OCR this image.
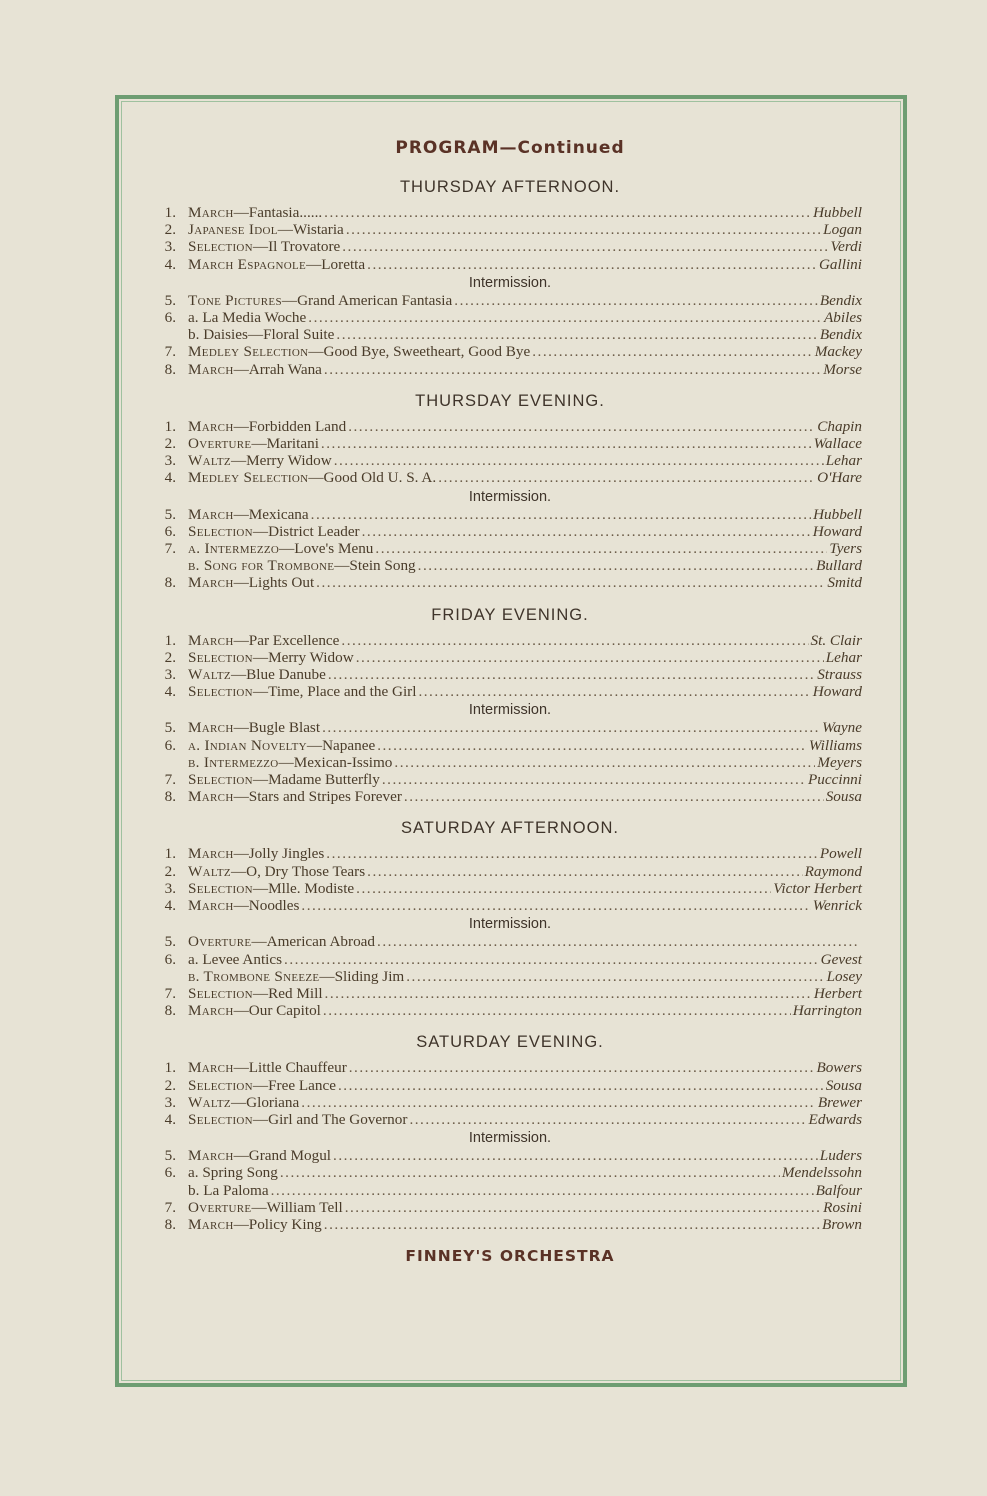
PROGRAM—Continued
THURSDAY AFTERNOON.
1. March—Fantasia...... .....	Hubbell
2. Japanese Idol—Wistaria .....	Logan
3. Selection—Il Trovatore .....	Verdi
4. March Espagnole—Loretta .....	Gallini
Intermission.
5. Tone Pictures—Grand American Fantasia .....	Bendix
6. a. La Media Woche .....	Abiles
b. Daisies—Floral Suite .....	Bendix
7. Medley Selection—Good Bye, Sweetheart, Good Bye .....	Mackey
8. March—Arrah Wana .....	Morse
THURSDAY EVENING.
1. March—Forbidden Land .....	Chapin
2. Overture—Maritani .....	Wallace
3. Waltz—Merry Widow .....	Lehar
4. Medley Selection—Good Old U. S. A. .....	O'Hare
Intermission.
5. March—Mexicana .....	Hubbell
6. Selection—District Leader .....	Howard
7. a. Intermezzo—Love's Menu .....	Tyers
b. Song for Trombone—Stein Song .....	Bullard
8. March—Lights Out .....	Smitd
FRIDAY EVENING.
1. March—Par Excellence .....	St. Clair
2. Selection—Merry Widow .....	Lehar
3. Waltz—Blue Danube .....	Strauss
4. Selection—Time, Place and the Girl .....	Howard
Intermission.
5. March—Bugle Blast .....	Wayne
6. a. Indian Novelty—Napanee .....	Williams
b. Intermezzo—Mexican-Issimo .....	Meyers
7. Selection—Madame Butterfly .....	Puccinni
8. March—Stars and Stripes Forever .....	Sousa
SATURDAY AFTERNOON.
1. March—Jolly Jingles .....	Powell
2. Waltz—O, Dry Those Tears .....	Raymond
3. Selection—Mlle. Modiste .....	Victor Herbert
4. March—Noodles .....	Wenrick
Intermission.
5. Overture—American Abroad
.....
6. a. Levee Antics .....	Gevest
b. Trombone Sneeze—Sliding Jim .....	Losey
7. Selection—Red Mill .....	Herbert
8. March—Our Capitol .....	Harrington
SATURDAY EVENING.
1. March—Little Chauffeur .....	Bowers
2. Selection—Free Lance .....	Sousa
3. Waltz—Gloriana .....	Brewer
4. Selection—Girl and The Governor .....	Edwards
Intermission.
5. March—Grand Mogul .....	Luders
6. a. Spring Song .....	Mendelssohn
b. La Paloma .....	Balfour
7. Overture—William Tell .....	Rosini
8. March—Policy King .....	Brown
FINNEY'S ORCHESTRA
